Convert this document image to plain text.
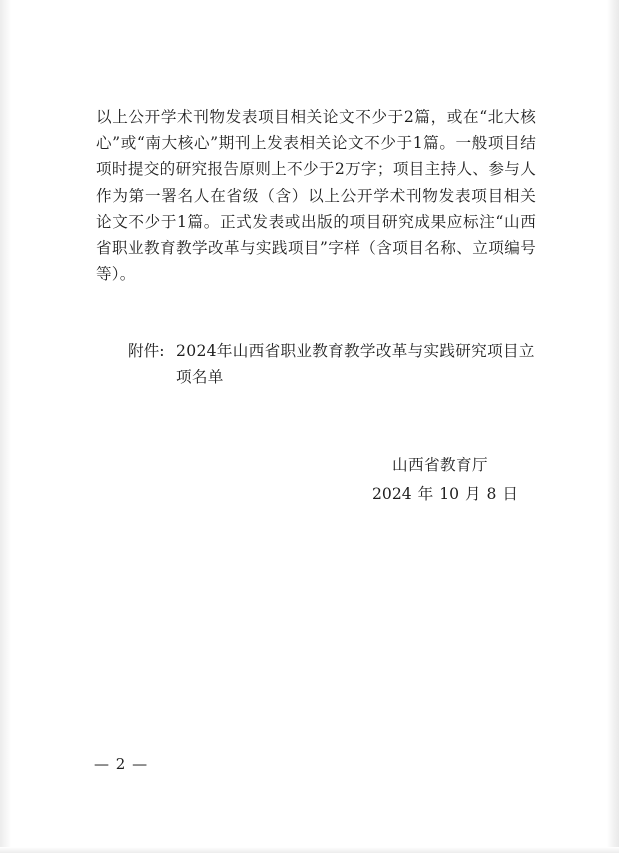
以上公开学术刊物发表项目相关论文不少于2篇，或在“北大核心”或“南大核心”期刊上发表相关论文不少于1篇。一般项目结项时提交的研究报告原则上不少于2万字；项目主持人、参与人作为第一署名人在省级（含）以上公开学术刊物发表项目相关论文不少于1篇。正式发表或出版的项目研究成果应标注“山西省职业教育教学改革与实践项目”字样（含项目名称、立项编号等）。

附件: 2024年山西省职业教育教学改革与实践研究项目立项名单
山西省教育厅
2024 年 10 月 8 日
— 2 —
